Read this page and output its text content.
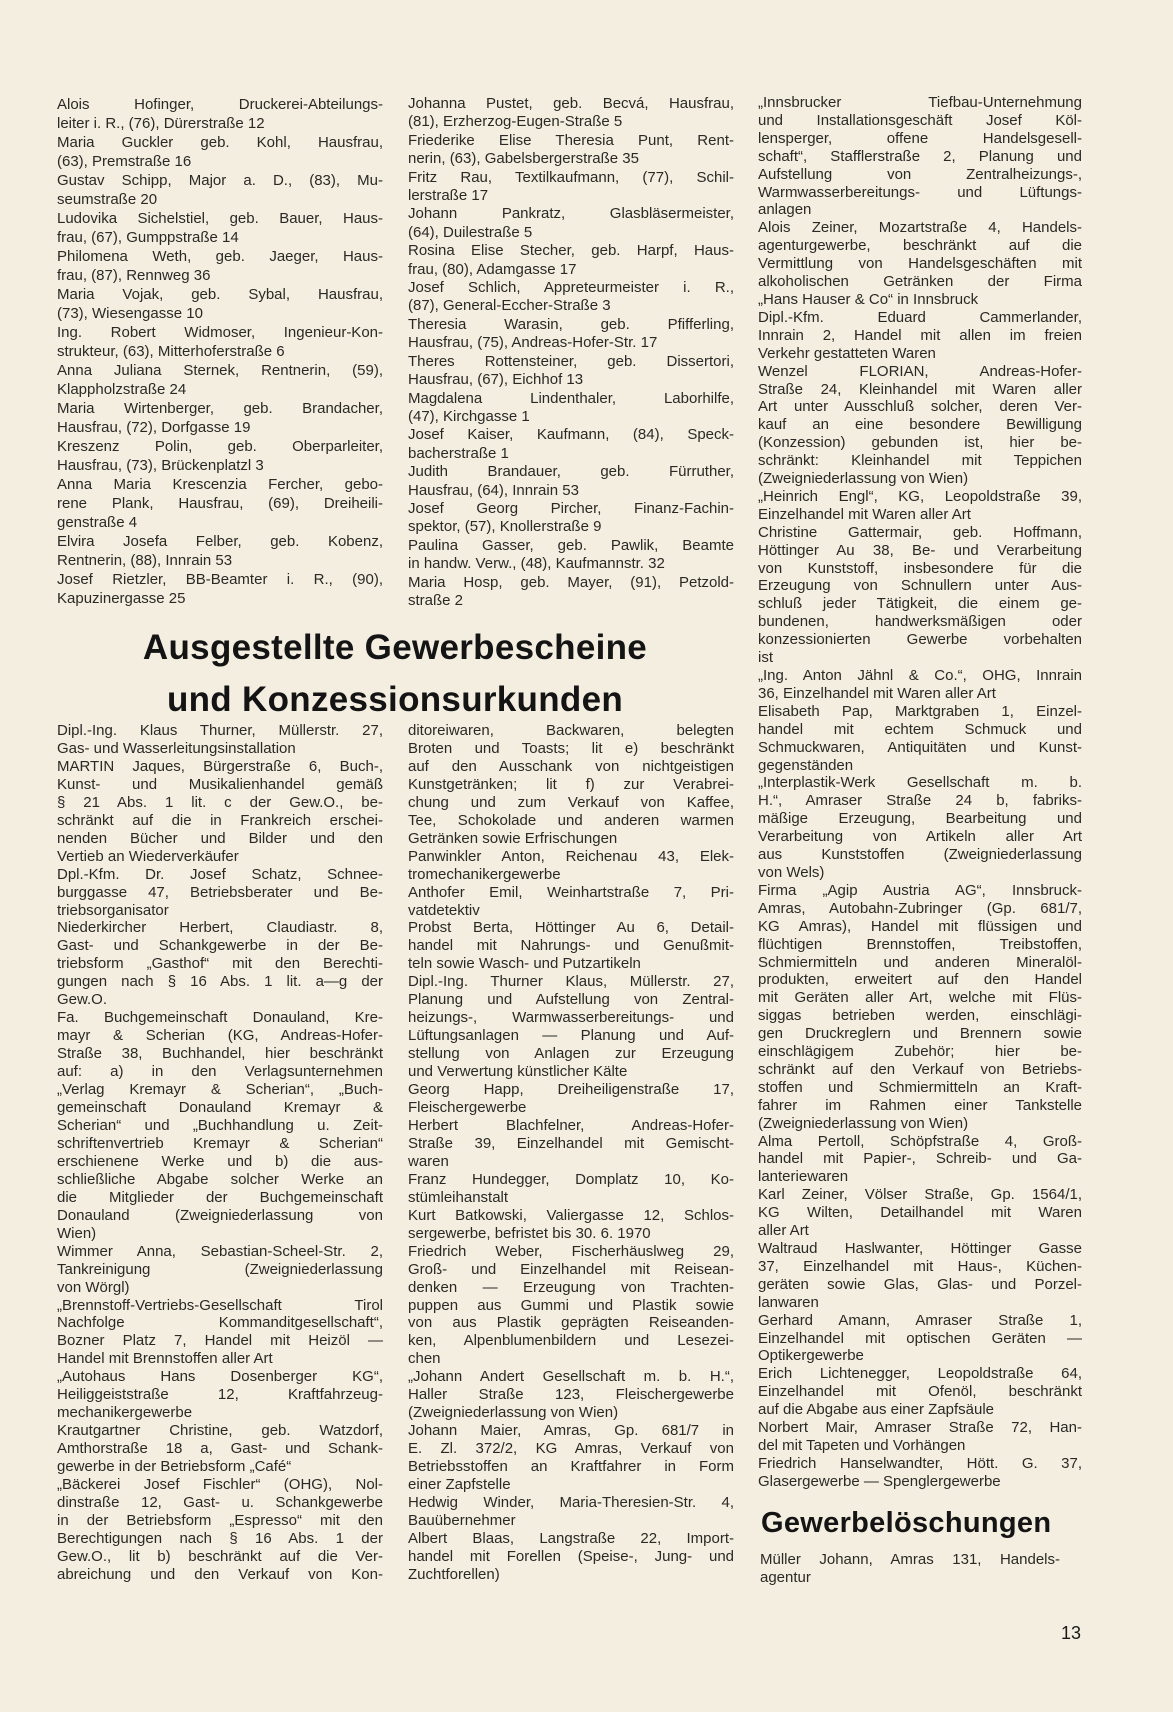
Alois Hofinger, Druckerei-Abteilungs-
leiter i. R., (76), Dürerstraße 12
Maria Guckler geb. Kohl, Hausfrau,
(63), Premstraße 16
Gustav Schipp, Major a. D., (83), Mu-
seumstraße 20
Ludovika Sichelstiel, geb. Bauer, Haus-
frau, (67), Gumppstraße 14
Philomena Weth, geb. Jaeger, Haus-
frau, (87), Rennweg 36
Maria Vojak, geb. Sybal, Hausfrau,
(73), Wiesengasse 10
Ing. Robert Widmoser, Ingenieur-Kon-
strukteur, (63), Mitterhoferstraße 6
Anna Juliana Sternek, Rentnerin, (59),
Klappholzstraße 24
Maria Wirtenberger, geb. Brandacher,
Hausfrau, (72), Dorfgasse 19
Kreszenz Polin, geb. Oberparleiter,
Hausfrau, (73), Brückenplatzl 3
Anna Maria Krescenzia Fercher, gebo-
rene Plank, Hausfrau, (69), Dreiheili-
genstraße 4
Elvira Josefa Felber, geb. Kobenz,
Rentnerin, (88), Innrain 53
Josef Rietzler, BB-Beamter i. R., (90),
Kapuzinergasse 25
Johanna Pustet, geb. Becvá, Hausfrau,
(81), Erzherzog-Eugen-Straße 5
Friederike Elise Theresia Punt, Rent-
nerin, (63), Gabelsbergerstraße 35
Fritz Rau, Textilkaufmann, (77), Schil-
lerstraße 17
Johann Pankratz, Glasbläsermeister,
(64), Duilestraße 5
Rosina Elise Stecher, geb. Harpf, Haus-
frau, (80), Adamgasse 17
Josef Schlich, Appreteurmeister i. R.,
(87), General-Eccher-Straße 3
Theresia Warasin, geb. Pfifferling,
Hausfrau, (75), Andreas-Hofer-Str. 17
Theres Rottensteiner, geb. Dissertori,
Hausfrau, (67), Eichhof 13
Magdalena Lindenthaler, Laborhilfe,
(47), Kirchgasse 1
Josef Kaiser, Kaufmann, (84), Speck-
bacherstraße 1
Judith Brandauer, geb. Fürruther,
Hausfrau, (64), Innrain 53
Josef Georg Pircher, Finanz-Fachin-
spektor, (57), Knollerstraße 9
Paulina Gasser, geb. Pawlik, Beamte
in handw. Verw., (48), Kaufmannstr. 32
Maria Hosp, geb. Mayer, (91), Petzold-
straße 2
„Innsbrucker Tiefbau-Unternehmung
und Installationsgeschäft Josef Köl-
lensperger, offene Handelsgesell-
schaft“, Stafflerstraße 2, Planung und
Aufstellung von Zentralheizungs-,
Warmwasserbereitungs- und Lüftungs-
anlagen
Alois Zeiner, Mozartstraße 4, Handels-
agenturgewerbe, beschränkt auf die
Vermittlung von Handelsgeschäften mit
alkoholischen Getränken der Firma
„Hans Hauser & Co“ in Innsbruck
Dipl.-Kfm. Eduard Cammerlander,
Innrain 2, Handel mit allen im freien
Verkehr gestatteten Waren
Wenzel FLORIAN, Andreas-Hofer-
Straße 24, Kleinhandel mit Waren aller
Art unter Ausschluß solcher, deren Ver-
kauf an eine besondere Bewilligung
(Konzession) gebunden ist, hier be-
schränkt: Kleinhandel mit Teppichen
(Zweigniederlassung von Wien)
„Heinrich Engl“, KG, Leopoldstraße 39,
Einzelhandel mit Waren aller Art
Christine Gattermair, geb. Hoffmann,
Höttinger Au 38, Be- und Verarbeitung
von Kunststoff, insbesondere für die
Erzeugung von Schnullern unter Aus-
schluß jeder Tätigkeit, die einem ge-
bundenen, handwerksmäßigen oder
konzessionierten Gewerbe vorbehalten
ist
„Ing. Anton Jähnl & Co.“, OHG, Innrain
36, Einzelhandel mit Waren aller Art
Elisabeth Pap, Marktgraben 1, Einzel-
handel mit echtem Schmuck und
Schmuckwaren, Antiquitäten und Kunst-
gegenständen
„Interplastik-Werk Gesellschaft m. b.
H.“, Amraser Straße 24 b, fabriks-
mäßige Erzeugung, Bearbeitung und
Verarbeitung von Artikeln aller Art
aus Kunststoffen (Zweigniederlassung
von Wels)
Firma „Agip Austria AG“, Innsbruck-
Amras, Autobahn-Zubringer (Gp. 681/7,
KG Amras), Handel mit flüssigen und
flüchtigen Brennstoffen, Treibstoffen,
Schmiermitteln und anderen Mineralöl-
produkten, erweitert auf den Handel
mit Geräten aller Art, welche mit Flüs-
siggas betrieben werden, einschlägi-
gen Druckreglern und Brennern sowie
einschlägigem Zubehör; hier be-
schränkt auf den Verkauf von Betriebs-
stoffen und Schmiermitteln an Kraft-
fahrer im Rahmen einer Tankstelle
(Zweigniederlassung von Wien)
Alma Pertoll, Schöpfstraße 4, Groß-
handel mit Papier-, Schreib- und Ga-
lanteriewaren
Karl Zeiner, Völser Straße, Gp. 1564/1,
KG Wilten, Detailhandel mit Waren
aller Art
Waltraud Haslwanter, Höttinger Gasse
37, Einzelhandel mit Haus-, Küchen-
geräten sowie Glas, Glas- und Porzel-
lanwaren
Gerhard Amann, Amraser Straße 1,
Einzelhandel mit optischen Geräten —
Optikergewerbe
Erich Lichtenegger, Leopoldstraße 64,
Einzelhandel mit Ofenöl, beschränkt
auf die Abgabe aus einer Zapfsäule
Norbert Mair, Amraser Straße 72, Han-
del mit Tapeten und Vorhängen
Friedrich Hanselwandter, Hött. G. 37,
Glasergewerbe — Spenglergewerbe
Ausgestellte Gewerbescheine
und Konzessionsurkunden
Dipl.-Ing. Klaus Thurner, Müllerstr. 27,
Gas- und Wasserleitungsinstallation
MARTIN Jaques, Bürgerstraße 6, Buch-,
Kunst- und Musikalienhandel gemäß
§ 21 Abs. 1 lit. c der Gew.O., be-
schränkt auf die in Frankreich erschei-
nenden Bücher und Bilder und den
Vertieb an Wiederverkäufer
Dpl.-Kfm. Dr. Josef Schatz, Schnee-
burggasse 47, Betriebsberater und Be-
triebsorganisator
Niederkircher Herbert, Claudiastr. 8,
Gast- und Schankgewerbe in der Be-
triebsform „Gasthof“ mit den Berechti-
gungen nach § 16 Abs. 1 lit. a—g der
Gew.O.
Fa. Buchgemeinschaft Donauland, Kre-
mayr & Scherian (KG, Andreas-Hofer-
Straße 38, Buchhandel, hier beschränkt
auf: a) in den Verlagsunternehmen
„Verlag Kremayr & Scherian“, „Buch-
gemeinschaft Donauland Kremayr &
Scherian“ und „Buchhandlung u. Zeit-
schriftenvertrieb Kremayr & Scherian“
erschienene Werke und b) die aus-
schließliche Abgabe solcher Werke an
die Mitglieder der Buchgemeinschaft
Donauland (Zweigniederlassung von
Wien)
Wimmer Anna, Sebastian-Scheel-Str. 2,
Tankreinigung (Zweigniederlassung
von Wörgl)
„Brennstoff-Vertriebs-Gesellschaft Tirol
Nachfolge Kommanditgesellschaft“,
Bozner Platz 7, Handel mit Heizöl —
Handel mit Brennstoffen aller Art
„Autohaus Hans Dosenberger KG“,
Heiliggeiststraße 12, Kraftfahrzeug-
mechanikergewerbe
Krautgartner Christine, geb. Watzdorf,
Amthorstraße 18 a, Gast- und Schank-
gewerbe in der Betriebsform „Café“
„Bäckerei Josef Fischler“ (OHG), Nol-
dinstraße 12, Gast- u. Schankgewerbe
in der Betriebsform „Espresso“ mit den
Berechtigungen nach § 16 Abs. 1 der
Gew.O., lit b) beschränkt auf die Ver-
abreichung und den Verkauf von Kon-
ditoreiwaren, Backwaren, belegten
Broten und Toasts; lit e) beschränkt
auf den Ausschank von nichtgeistigen
Kunstgetränken; lit f) zur Verabrei-
chung und zum Verkauf von Kaffee,
Tee, Schokolade und anderen warmen
Getränken sowie Erfrischungen
Panwinkler Anton, Reichenau 43, Elek-
tromechanikergewerbe
Anthofer Emil, Weinhartstraße 7, Pri-
vatdetektiv
Probst Berta, Höttinger Au 6, Detail-
handel mit Nahrungs- und Genußmit-
teln sowie Wasch- und Putzartikeln
Dipl.-Ing. Thurner Klaus, Müllerstr. 27,
Planung und Aufstellung von Zentral-
heizungs-, Warmwasserbereitungs- und
Lüftungsanlagen — Planung und Auf-
stellung von Anlagen zur Erzeugung
und Verwertung künstlicher Kälte
Georg Happ, Dreiheiligenstraße 17,
Fleischergewerbe
Herbert Blachfelner, Andreas-Hofer-
Straße 39, Einzelhandel mit Gemischt-
waren
Franz Hundegger, Domplatz 10, Ko-
stümleihanstalt
Kurt Batkowski, Valiergasse 12, Schlos-
sergewerbe, befristet bis 30. 6. 1970
Friedrich Weber, Fischerhäuslweg 29,
Groß- und Einzelhandel mit Reisean-
denken — Erzeugung von Trachten-
puppen aus Gummi und Plastik sowie
von aus Plastik geprägten Reiseanden-
ken, Alpenblumenbildern und Lesezei-
chen
„Johann Andert Gesellschaft m. b. H.“,
Haller Straße 123, Fleischergewerbe
(Zweigniederlassung von Wien)
Johann Maier, Amras, Gp. 681/7 in
E. Zl. 372/2, KG Amras, Verkauf von
Betriebsstoffen an Kraftfahrer in Form
einer Zapfstelle
Hedwig Winder, Maria-Theresien-Str. 4,
Bauübernehmer
Albert Blaas, Langstraße 22, Import-
handel mit Forellen (Speise-, Jung- und
Zuchtforellen)
Gewerbelöschungen
Müller Johann, Amras 131, Handels-
agentur
13
